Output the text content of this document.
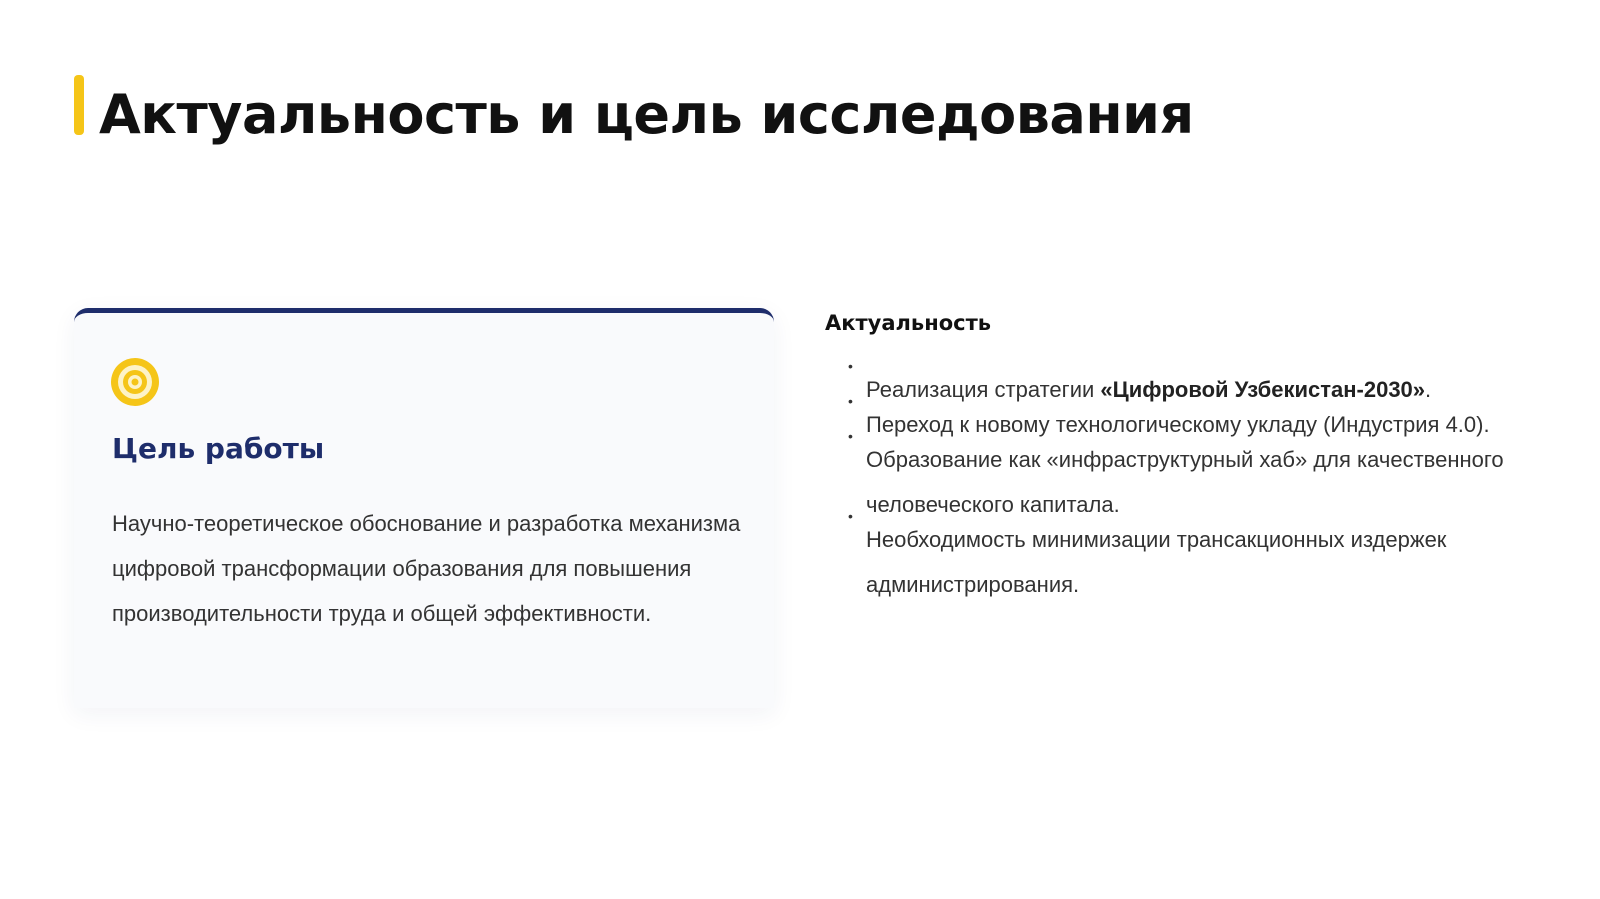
Актуальность и цель исследования
Цель работы

Научно-теоретическое обоснование и разработка механизма цифровой трансформации образования для повышения производительности труда и общей эффективности.

Актуальность
•
Реализация стратегии «Цифровой Узбекистан-2030».
•
Переход к новому технологическому укладу (Индустрия 4.0).
•
Образование как «инфраструктурный хаб» для качественного человеческого капитала.
•
Необходимость минимизации трансакционных издержек администрирования.
